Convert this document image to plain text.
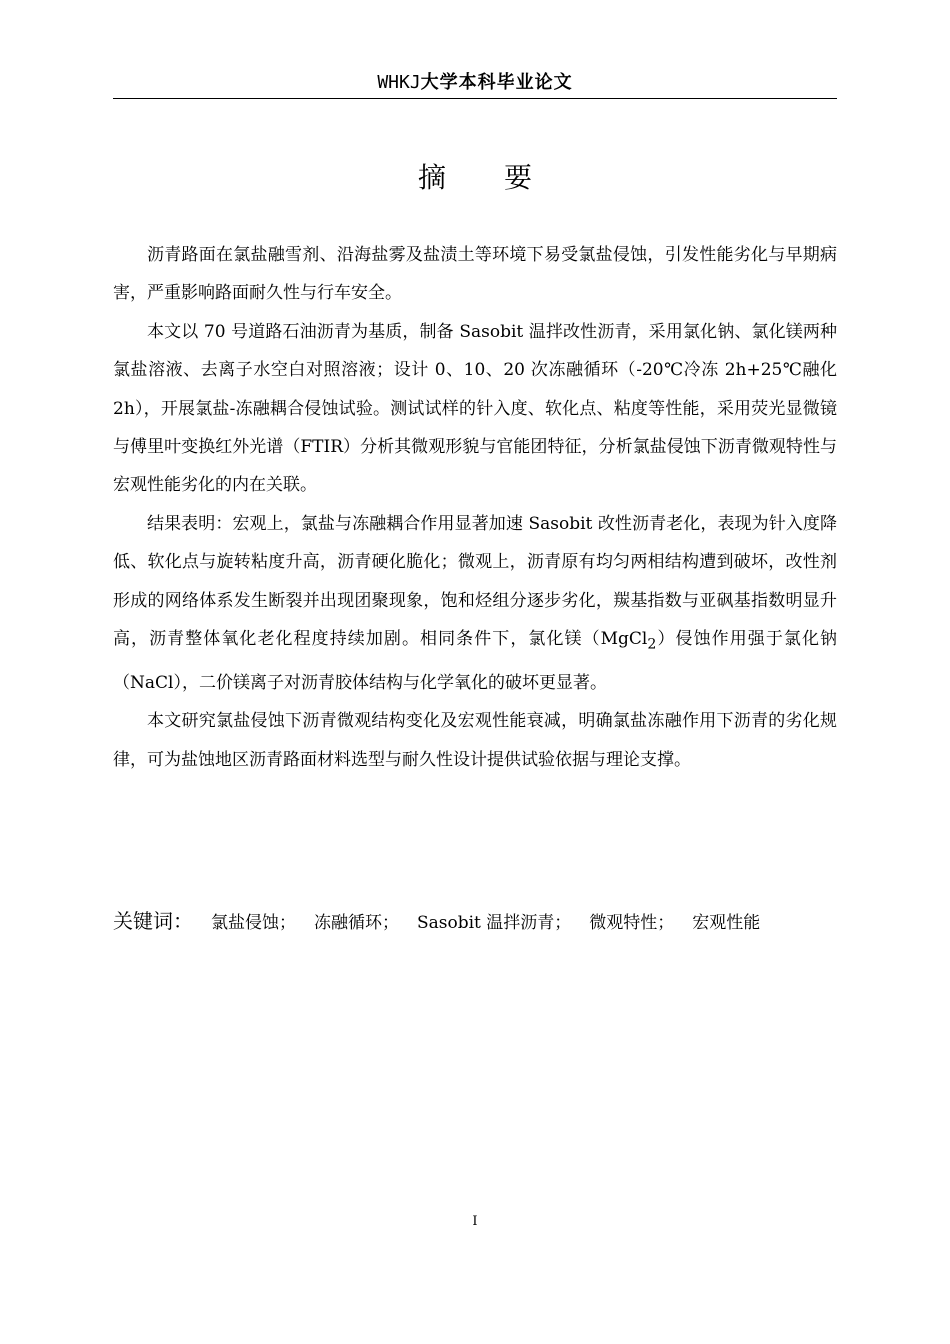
WHKJ大学本科毕业论文
摘 要

沥青路面在氯盐融雪剂、沿海盐雾及盐渍土等环境下易受氯盐侵蚀，引发性能劣化与早期病害，严重影响路面耐久性与行车安全。

本文以 70 号道路石油沥青为基质，制备 Sasobit 温拌改性沥青，采用氯化钠、氯化镁两种氯盐溶液、去离子水空白对照溶液；设计 0、10、20 次冻融循环（-20℃冷冻 2h+25℃融化 2h），开展氯盐-冻融耦合侵蚀试验。测试试样的针入度、软化点、粘度等性能，采用荧光显微镜与傅里叶变换红外光谱（FTIR）分析其微观形貌与官能团特征，分析氯盐侵蚀下沥青微观特性与宏观性能劣化的内在关联。

结果表明：宏观上，氯盐与冻融耦合作用显著加速 Sasobit 改性沥青老化，表现为针入度降低、软化点与旋转粘度升高，沥青硬化脆化；微观上，沥青原有均匀两相结构遭到破坏，改性剂形成的网络体系发生断裂并出现团聚现象，饱和烃组分逐步劣化，羰基指数与亚砜基指数明显升高，沥青整体氧化老化程度持续加剧。相同条件下，氯化镁（MgCl$_2$）侵蚀作用强于氯化钠（NaCl），二价镁离子对沥青胶体结构与化学氧化的破坏更显著。

本文研究氯盐侵蚀下沥青微观结构变化及宏观性能衰减，明确氯盐冻融作用下沥青的劣化规律，可为盐蚀地区沥青路面材料选型与耐久性设计提供试验依据与理论支撑。

关键词： 氯盐侵蚀； 冻融循环； Sasobit 温拌沥青； 微观特性； 宏观性能
I
